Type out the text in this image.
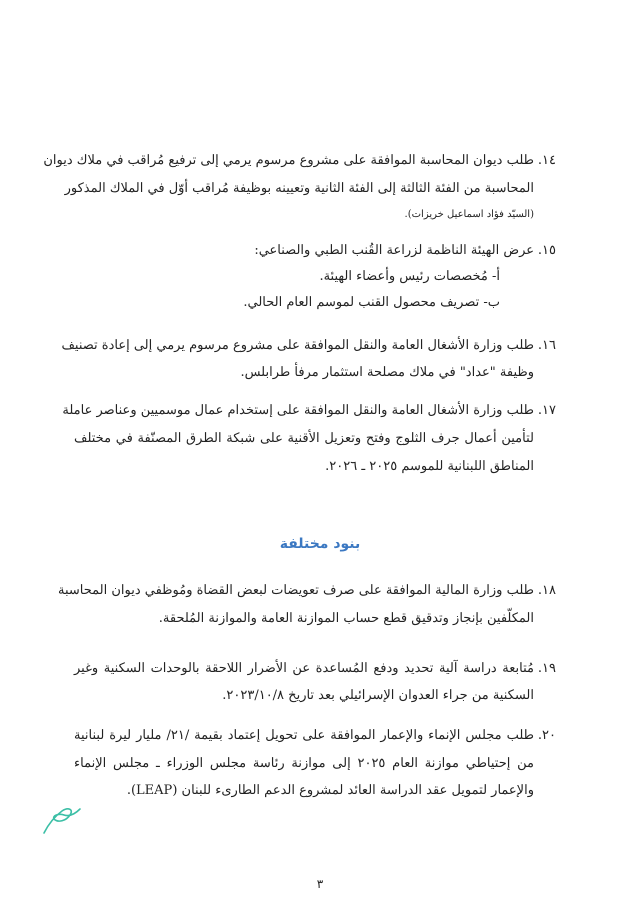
١٤.
طلب ديوان المحاسبة الموافقة على مشروع مرسوم يرمي إلى ترفيع مُراقب في ملاك ديوان
المحاسبة من الفئة الثالثة إلى الفئة الثانية وتعيينه بوظيفة مُراقب أوّل في الملاك المذكور
(السيّد فؤاد اسماعيل خريزات).
١٥.
عرض الهيئة الناظمة لزراعة القُنب الطبي والصناعي:
أ- مُخصصات رئيس وأعضاء الهيئة.
ب- تصريف محصول القنب لموسم العام الحالي.
١٦.
طلب وزارة الأشغال العامة والنقل الموافقة على مشروع مرسوم يرمي إلى إعادة تصنيف
وظيفة "عداد" في ملاك مصلحة استثمار مرفأ طرابلس.
١٧.
طلب وزارة الأشغال العامة والنقل الموافقة على إستخدام عمال موسميين وعناصر عاملة
لتأمين أعمال جرف الثلوج وفتح وتعزيل الأقنية على شبكة الطرق المصنّفة في مختلف
المناطق اللبنانية للموسم ٢٠٢٥ ـ ٢٠٢٦.
بنود مختلفة
١٨.
طلب وزارة المالية الموافقة على صرف تعويضات لبعض القضاة ومُوظفي ديوان المحاسبة
المكلّفين بإنجاز وتدقيق قطع حساب الموازنة العامة والموازنة المُلحقة.
١٩.
مُتابعة دراسة آلية تحديد ودفع المُساعدة عن الأضرار اللاحقة بالوحدات السكنية وغير
السكنية من جراء العدوان الإسرائيلي بعد تاريخ ٢٠٢٣/١٠/٨.
٢٠.
طلب مجلس الإنماء والإعمار الموافقة على تحويل إعتماد بقيمة /٢١/ مليار ليرة لبنانية
من إحتياطي موازنة العام ٢٠٢٥ إلى موازنة رئاسة مجلس الوزراء ـ مجلس الإنماء
والإعمار لتمويل عقد الدراسة العائد لمشروع الدعم الطارىء للبنان (LEAP).
٣
